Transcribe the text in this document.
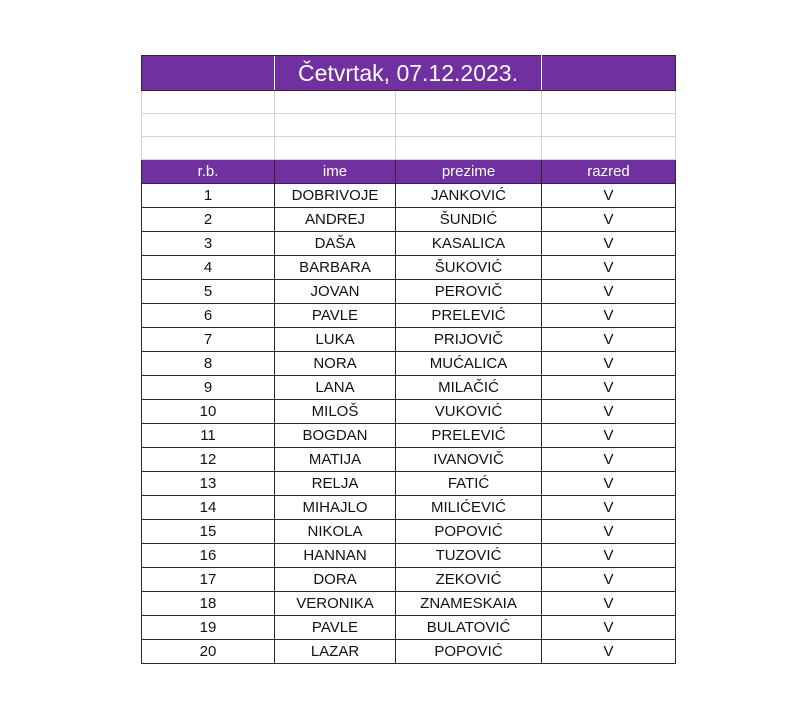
	Četvrtak, 07.12.2023.		

r.b.	ime	prezime	razred
1	DOBRIVOJE	JANKOVIĆ	V
2	ANDREJ	ŠUNDIĆ	V
3	DAŠA	KASALICA	V
4	BARBARA	ŠUKOVIĆ	V
5	JOVAN	PEROVIČ	V
6	PAVLE	PRELEVIĆ	V
7	LUKA	PRIJOVIČ	V
8	NORA	MUĆALICA	V
9	LANA	MILAČIĆ	V
10	MILOŠ	VUKOVIĆ	V
11	BOGDAN	PRELEVIĆ	V
12	MATIJA	IVANOVIČ	V
13	RELJA	FATIĆ	V
14	MIHAJLO	MILIĆEVIĆ	V
15	NIKOLA	POPOVIĆ	V
16	HANNAN	TUZOVIĆ	V
17	DORA	ZEKOVIĆ	V
18	VERONIKA	ZNAMESKAIA	V
19	PAVLE	BULATOVIĆ	V
20	LAZAR	POPOVIĆ	V
